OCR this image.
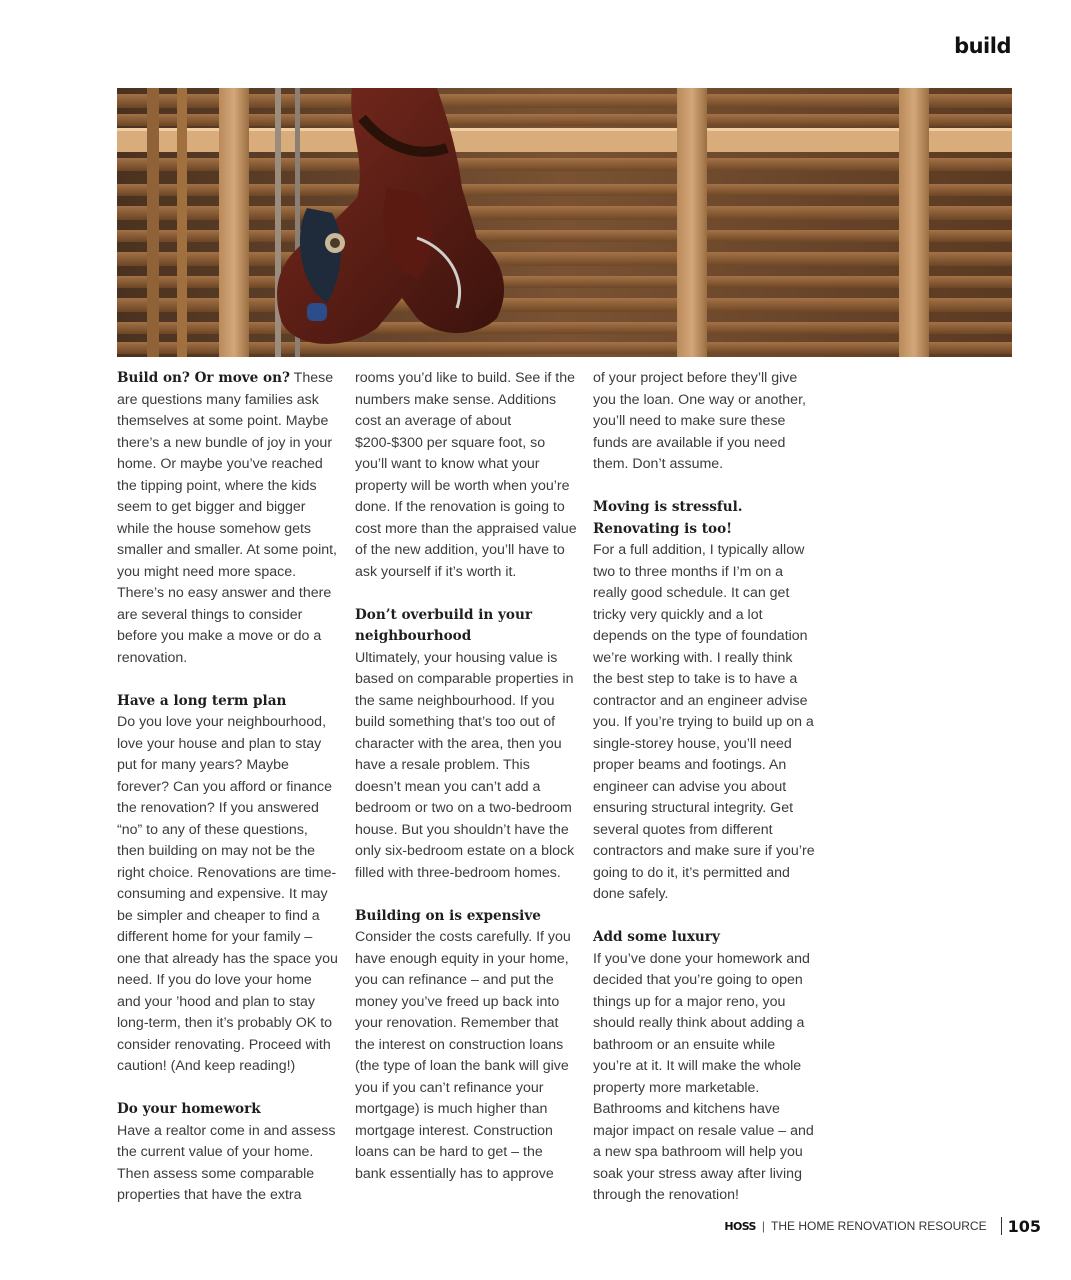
build

Build on? Or move on? These are questions many families ask themselves at some point. Maybe there’s a new bundle of joy in your home. Or maybe you’ve reached the tipping point, where the kids seem to get bigger and bigger while the house somehow gets smaller and smaller. At some point, you might need more space. There’s no easy answer and there are several things to consider before you make a move or do a renovation.

Have a long term plan

Do you love your neighbourhood, love your house and plan to stay put for many years? Maybe forever? Can you afford or finance the renovation? If you answered “no” to any of these questions, then building on may not be the right choice. Renovations are time-consuming and expensive. It may be simpler and cheaper to find a different home for your family – one that already has the space you need. If you do love your home and your ’hood and plan to stay long-term, then it’s probably OK to consider renovating. Proceed with caution! (And keep reading!)

Do your homework

Have a realtor come in and assess the current value of your home. Then assess some comparable properties that have the extra

rooms you’d like to build. See if the numbers make sense. Additions cost an average of about $200-$300 per square foot, so you’ll want to know what your property will be worth when you’re done. If the renovation is going to cost more than the appraised value of the new addition, you’ll have to ask yourself if it’s worth it.

Don’t overbuild in your neighbourhood

Ultimately, your housing value is based on comparable properties in the same neighbourhood. If you build something that’s too out of character with the area, then you have a resale problem. This doesn’t mean you can’t add a bedroom or two on a two-bedroom house. But you shouldn’t have the only six-bedroom estate on a block filled with three-bedroom homes.

Building on is expensive

Consider the costs carefully. If you have enough equity in your home, you can refinance – and put the money you’ve freed up back into your renovation. Remember that the interest on construction loans (the type of loan the bank will give you if you can’t refinance your mortgage) is much higher than mortgage interest. Construction loans can be hard to get – the bank essentially has to approve

of your project before they’ll give you the loan. One way or another, you’ll need to make sure these funds are available if you need them. Don’t assume.

Moving is stressful.
Renovating is too!

For a full addition, I typically allow two to three months if I’m on a really good schedule. It can get tricky very quickly and a lot depends on the type of foundation we’re working with. I really think the best step to take is to have a contractor and an engineer advise you. If you’re trying to build up on a single-storey house, you’ll need proper beams and footings. An engineer can advise you about ensuring structural integrity. Get several quotes from different contractors and make sure if you’re going to do it, it’s permitted and done safely.

Add some luxury

If you’ve done your homework and decided that you’re going to open things up for a major reno, you should really think about adding a bathroom or an ensuite while you’re at it. It will make the whole property more marketable. Bathrooms and kitchens have major impact on resale value – and a new spa bathroom will help you soak your stress away after living through the renovation!

HOSS | THE HOME RENOVATION RESOURCE 105
